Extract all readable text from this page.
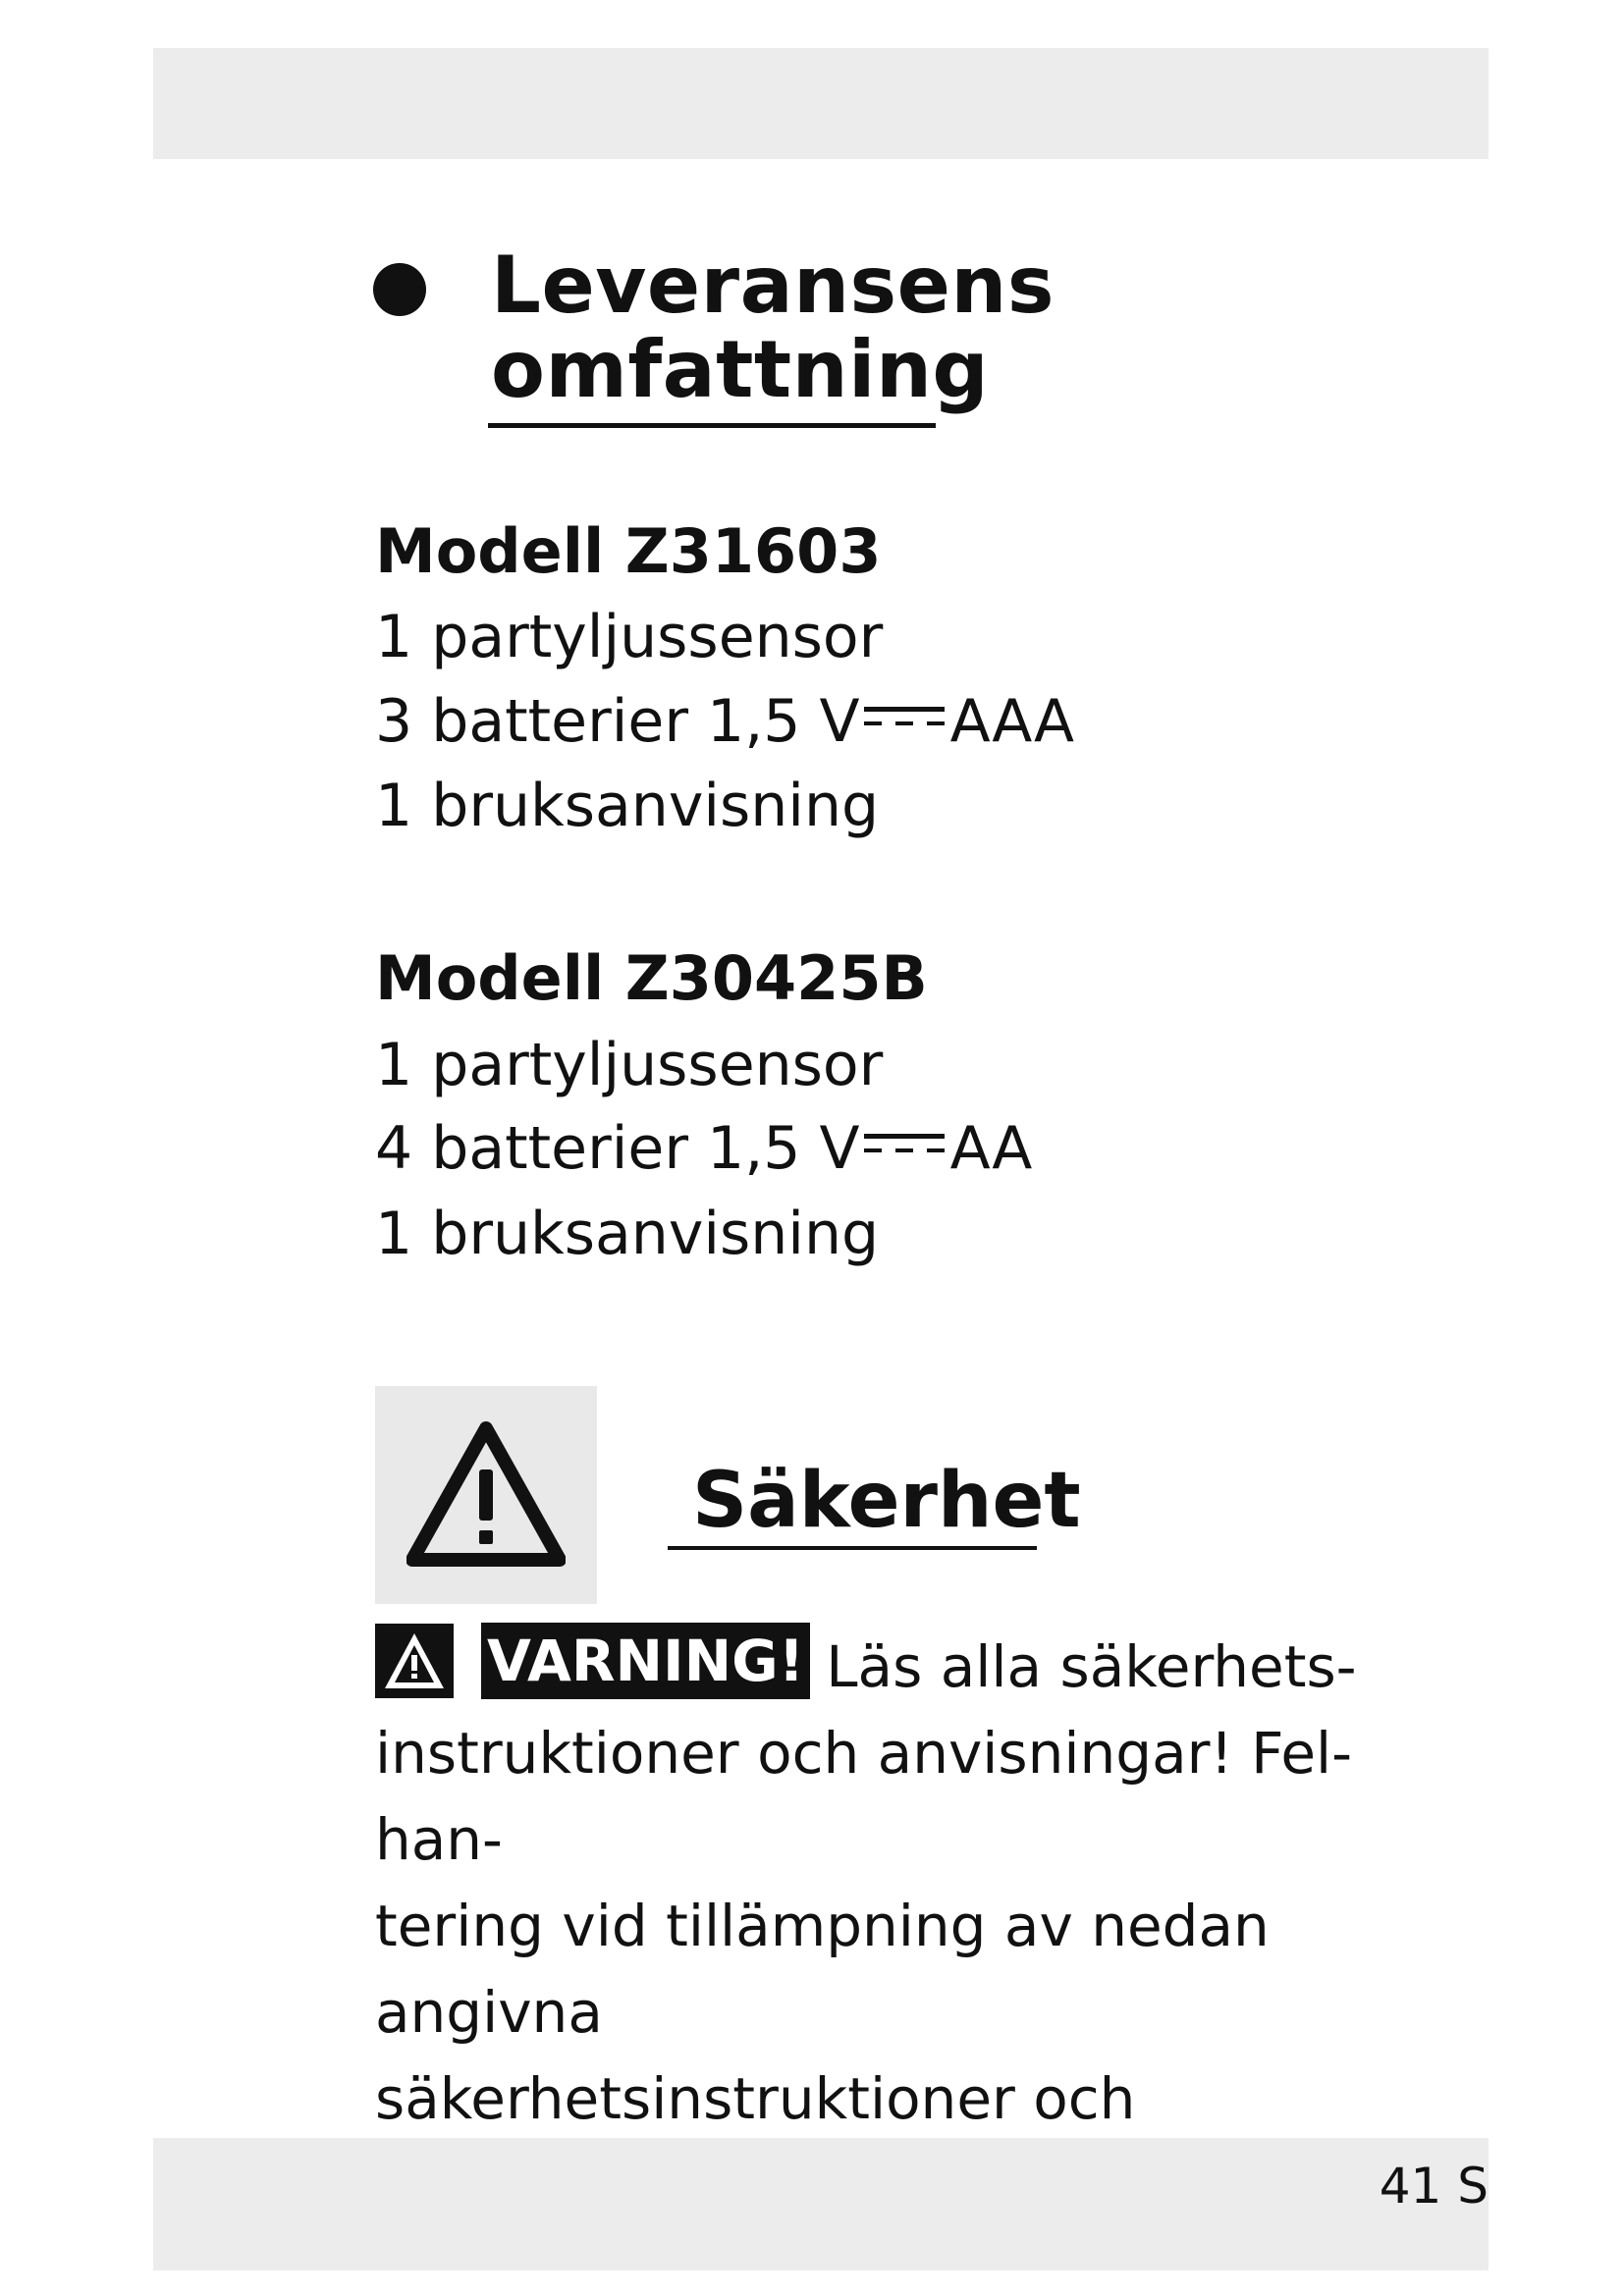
Leveransens
omfattning
Modell Z31603
1 partyljussensor
3 batterier 1,5 V AAA
1 bruksanvisning
Modell Z30425B
1 partyljussensor
4 batterier 1,5 V AA
1 bruksanvisning
Säkerhet
VARNING! Läs alla säkerhets-
instruktioner och anvisningar! Fel-han-
tering vid tillämpning av nedan angivna
säkerhetsinstruktioner och
41 S
